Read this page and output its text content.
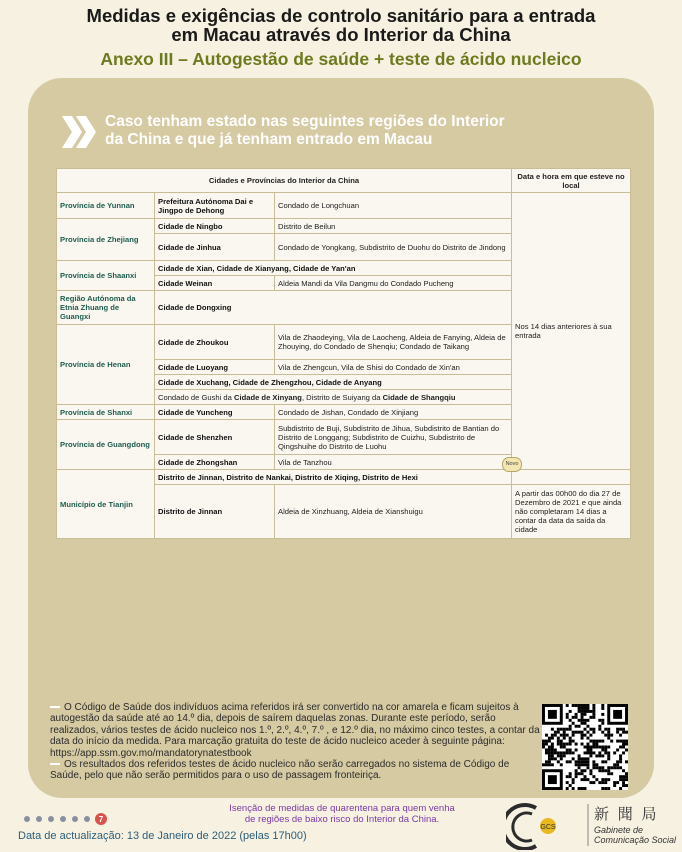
Medidas e exigências de controlo sanitário para a entrada
em Macau através do Interior da China
Anexo III – Autogestão de saúde + teste de ácido nucleico
Caso tenham estado nas seguintes regiões do Interior
da China e que já tenham entrado em Macau
Cidades e Províncias do Interior da China			Data e hora em que esteve no local
Província de Yunnan	Prefeitura Autónoma Dai e Jingpo de Dehong	Condado de Longchuan	Nos 14 dias anteriores à sua entrada
Província de Zhejiang	Cidade de Ningbo	Distrito de Beilun	
	Cidade de Jinhua	Condado de Yongkang, Subdistrito de Duohu do Distrito de Jindong	
Província de Shaanxi	Cidade de Xian, Cidade de Xianyang, Cidade de Yan'an		
	Cidade Weinan	Aldeia Mandi da Vila Dangmu do Condado Pucheng	
Região Autónoma da Etnia Zhuang de Guangxi	Cidade de Dongxing		
Província de Henan	Cidade de Zhoukou	Vila de Zhaodeying, Vila de Laocheng, Aldeia de Fanying, Aldeia de Zhouying, do Condado de Shenqiu; Condado de Taikang	
	Cidade de Luoyang	Vila de Zhengcun, Vila de Shisi do Condado de Xin'an	
	Cidade de Xuchang, Cidade de Zhengzhou, Cidade de Anyang		
	Condado de Gushi da Cidade de Xinyang, Distrito de Suiyang da Cidade de Shangqiu		
Província de Shanxi	Cidade de Yuncheng	Condado de Jishan, Condado de Xinjiang	
Província de Guangdong	Cidade de Shenzhen	Subdistrito de Buji, Subdistrito de Jihua, Subdistrito de Bantian do Distrito de Longgang; Subdistrito de Cuizhu, Subdistrito de Qingshuihe do Distrito de Luohu	
	Cidade de Zhongshan	Vila de Tanzhou	
Município de Tianjin	Distrito de Jinnan, Distrito de Nankai, Distrito de Xiqing, Distrito de Hexi		
	Distrito de Jinnan	Aldeia de Xinzhuang, Aldeia de Xianshuigu	A partir das 00h00 do dia 27 de Dezembro de 2021 e que ainda não completaram 14 dias a contar da data da saída da cidade
Novo

O Código de Saúde dos indivíduos acima referidos irá ser convertido na cor amarela e ficam sujeitos à autogestão da saúde até ao 14.º dia, depois de saírem daquelas zonas. Durante este período, serão realizados, vários testes de ácido nucleico nos 1.º, 2.º, 4.º, 7.º , e 12.º dia, no máximo cinco testes, a contar da data do início da medida. Para marcação gratuita do teste de ácido nucleico aceder à seguinte página:

https://app.ssm.gov.mo/mandatorynatestbook

Os resultados dos referidos testes de ácido nucleico não serão carregados no sistema de Código de Saúde, pelo que não serão permitidos para o uso de passagem fronteiriça.

7
Isenção de medidas de quarentena para quem venha
de regiões de baixo risco do Interior da China.
Data de actualização: 13 de Janeiro de 2022 (pelas 17h00)
GCS
新 聞 局
Gabinete de
Comunicação Social
